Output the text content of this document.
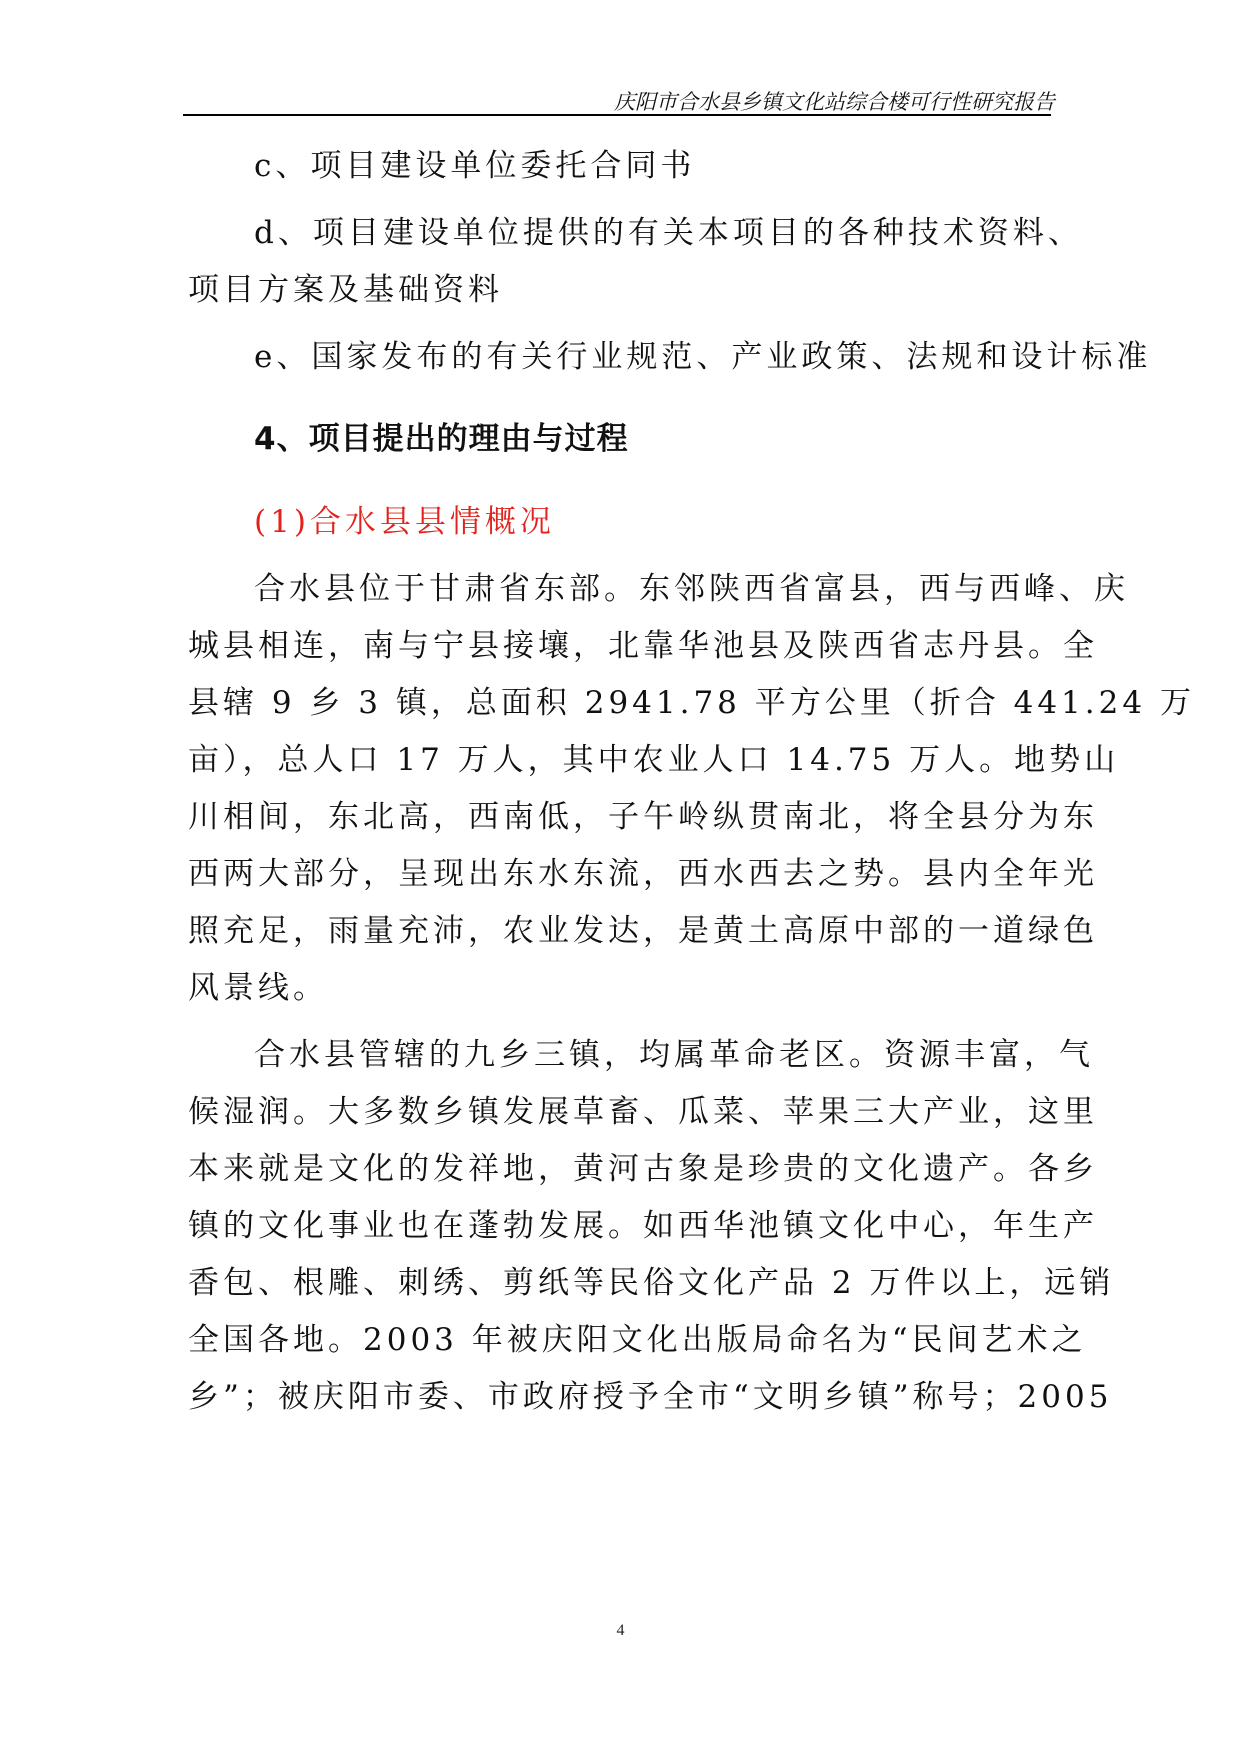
庆阳市合水县乡镇文化站综合楼可行性研究报告
c、项目建设单位委托合同书
d、项目建设单位提供的有关本项目的各种技术资料、
项目方案及基础资料
e、国家发布的有关行业规范、产业政策、法规和设计标准
4、项目提出的理由与过程
(1)合水县县情概况
合水县位于甘肃省东部。东邻陕西省富县，西与西峰、庆
城县相连，南与宁县接壤，北靠华池县及陕西省志丹县。全
县辖 9 乡 3 镇，总面积 2941.78 平方公里（折合 441.24 万
亩），总人口 17 万人，其中农业人口 14.75 万人。地势山
川相间，东北高，西南低，子午岭纵贯南北，将全县分为东
西两大部分，呈现出东水东流，西水西去之势。县内全年光
照充足，雨量充沛，农业发达，是黄土高原中部的一道绿色
风景线。
合水县管辖的九乡三镇，均属革命老区。资源丰富，气
候湿润。大多数乡镇发展草畜、瓜菜、苹果三大产业，这里
本来就是文化的发祥地，黄河古象是珍贵的文化遗产。各乡
镇的文化事业也在蓬勃发展。如西华池镇文化中心，年生产
香包、根雕、刺绣、剪纸等民俗文化产品 2 万件以上，远销
全国各地。2003 年被庆阳文化出版局命名为“民间艺术之
乡”；被庆阳市委、市政府授予全市“文明乡镇”称号；2005
4
